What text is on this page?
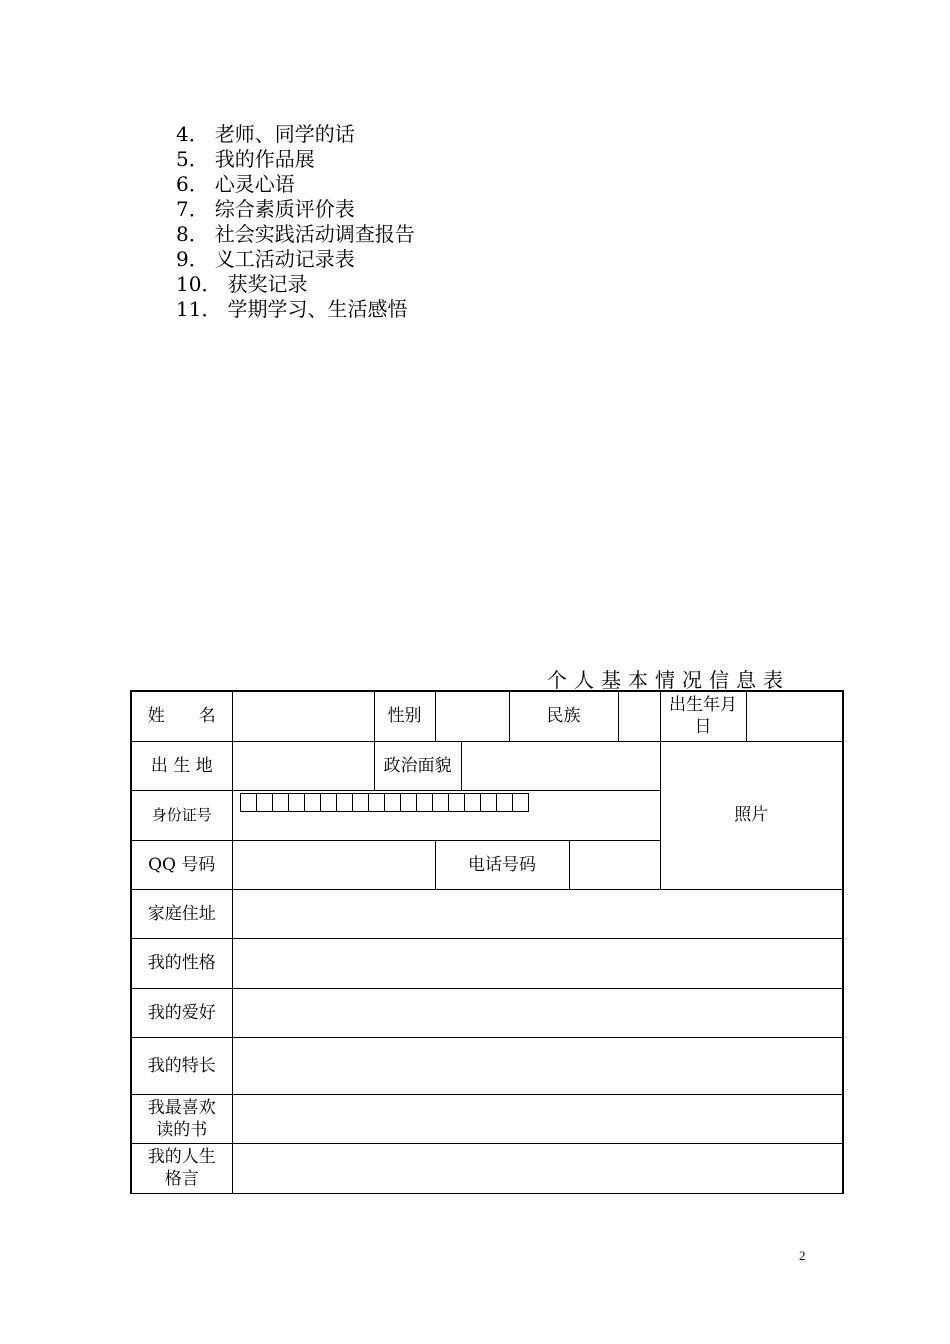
4． 老师、同学的话
5． 我的作品展
6． 心灵心语
7． 综合素质评价表
8． 社会实践活动调查报告
9． 义工活动记录表
10． 获奖记录
11． 学期学习、生活感悟
个人基本情况信息表
姓　　名		性别			民族			出生年月日	
出 生 地		政治面貌						照片	
身份证号									

QQ 号码			电话号码						
家庭住址									
我的性格									
我的爱好									
我的特长									
我最喜欢读的书									
我的人生格言									
2
